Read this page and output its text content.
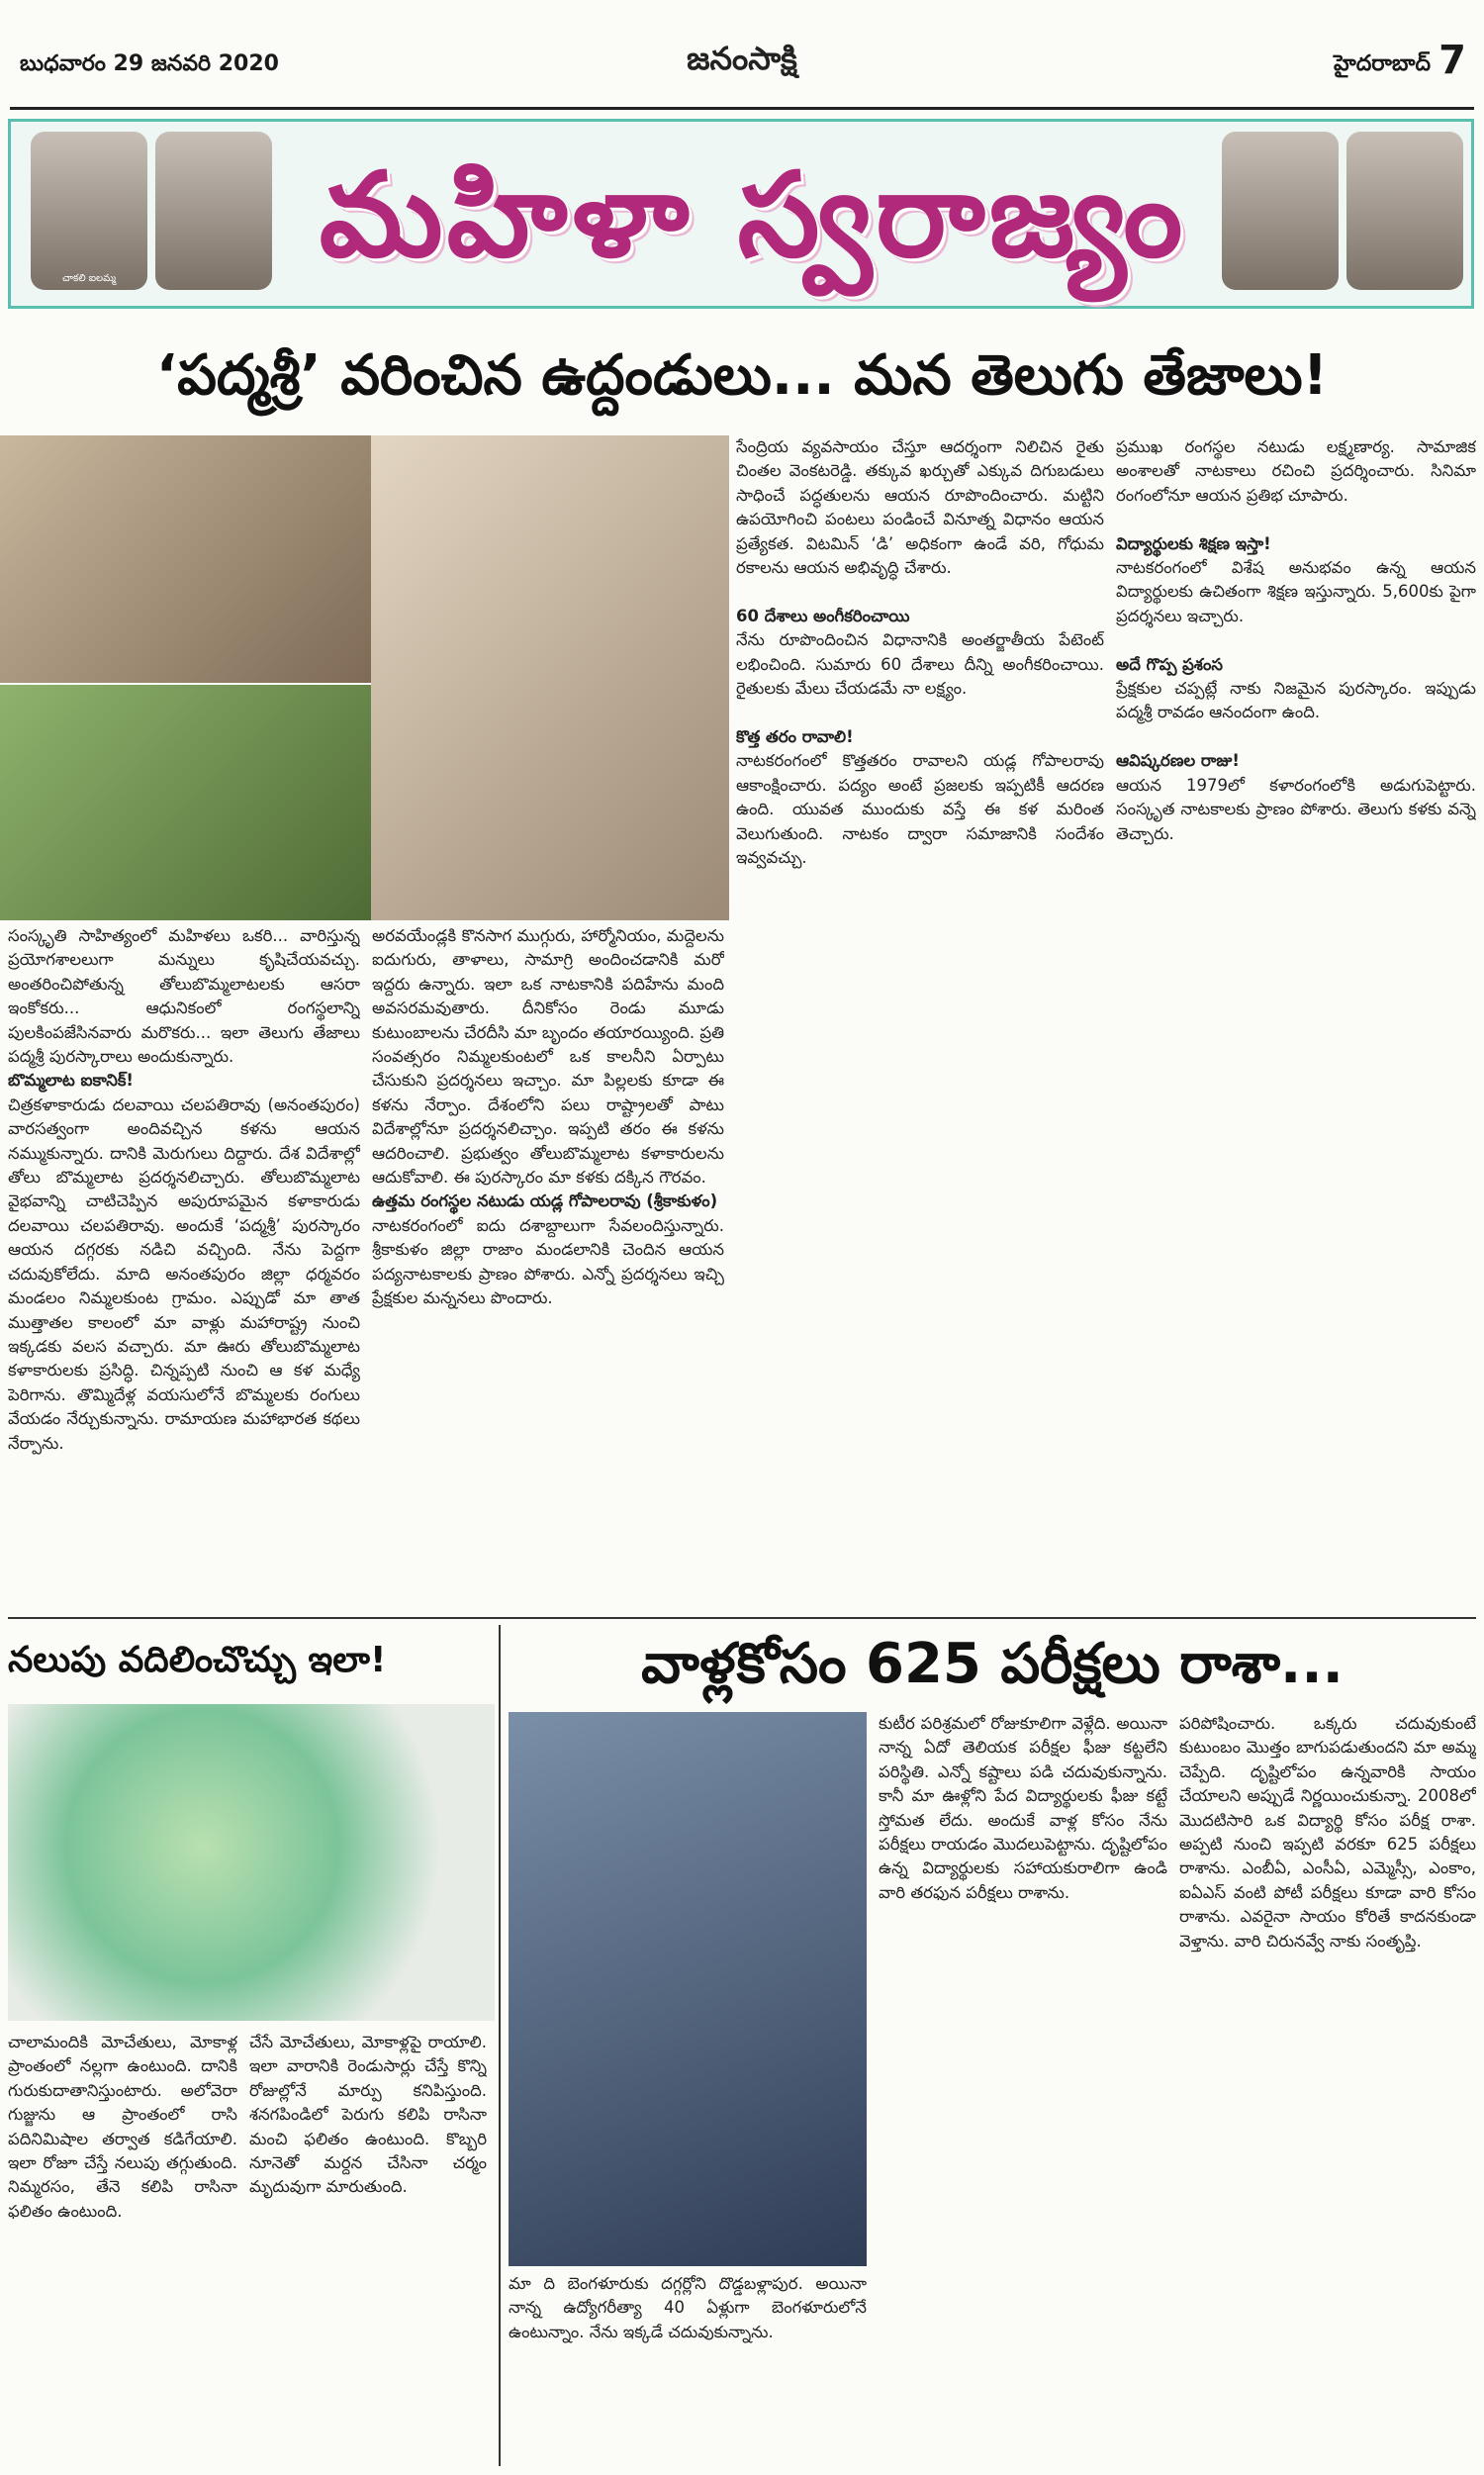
బుధవారం 29 జనవరి 2020	జనంసాక్షి	హైదరాబాద్ 7
చాకలి ఐలమ్మ	మహిళా స్వరాజ్యం
‘పద్మశ్రీ’ వరించిన ఉద్దండులు... మన తెలుగు తేజాలు!
సంస్కృతి సాహిత్యంలో మహిళలు ఒకరి... వారిస్తున్న ప్రయోగశాలలుగా మన్నులు కృషిచేయవచ్చు. అంతరించిపోతున్న తోలుబొమ్మలాటలకు ఆసరా ఇంకోకరు... ఆధునికంలో రంగస్థలాన్ని పులకింపజేసినవారు మరొకరు... ఇలా తెలుగు తేజాలు పద్మశ్రీ పురస్కారాలు అందుకున్నారు.
బొమ్మలాట ఐకానిక్!
చిత్రకళాకారుడు దలవాయి చలపతిరావు (అనంతపురం) వారసత్వంగా అందివచ్చిన కళను ఆయన నమ్ముకున్నారు. దానికి మెరుగులు దిద్దారు. దేశ విదేశాల్లో తోలు బొమ్మలాట ప్రదర్శనలిచ్చారు. తోలుబొమ్మలాట వైభవాన్ని చాటిచెప్పిన అపురూపమైన కళాకారుడు దలవాయి చలపతిరావు. అందుకే ‘పద్మశ్రీ’ పురస్కారం ఆయన దగ్గరకు నడిచి వచ్చింది. నేను పెద్దగా చదువుకోలేదు. మాది అనంతపురం జిల్లా ధర్మవరం మండలం నిమ్మలకుంట గ్రామం. ఎప్పుడో మా తాత ముత్తాతల కాలంలో మా వాళ్లు మహారాష్ట్ర నుంచి ఇక్కడకు వలస వచ్చారు. మా ఊరు తోలుబొమ్మలాట కళాకారులకు ప్రసిద్ధి. చిన్నప్పటి నుంచి ఆ కళ మధ్యే పెరిగాను. తొమ్మిదేళ్ల వయసులోనే బొమ్మలకు రంగులు వేయడం నేర్చుకున్నాను. రామాయణ మహాభారత కథలు నేర్పాను.
అరవయేండ్లకి కొనసాగ ముగ్గురు, హార్మోనియం, మద్దెలను ఐదుగురు, తాళాలు, సామాగ్రి అందించడానికి మరో ఇద్దరు ఉన్నారు. ఇలా ఒక నాటకానికి పదిహేను మంది అవసరమవుతారు. దీనికోసం రెండు మూడు కుటుంబాలను చేరదీసి మా బృందం తయారయ్యింది. ప్రతి సంవత్సరం నిమ్మలకుంటలో ఒక కాలనీని ఏర్పాటు చేసుకుని ప్రదర్శనలు ఇచ్చాం. మా పిల్లలకు కూడా ఈ కళను నేర్పాం. దేశంలోని పలు రాష్ట్రాలతో పాటు విదేశాల్లోనూ ప్రదర్శనలిచ్చాం. ఇప్పటి తరం ఈ కళను ఆదరించాలి. ప్రభుత్వం తోలుబొమ్మలాట కళాకారులను ఆదుకోవాలి. ఈ పురస్కారం మా కళకు దక్కిన గౌరవం.
ఉత్తమ రంగస్థల నటుడు యడ్ల గోపాలరావు (శ్రీకాకుళం)
నాటకరంగంలో ఐదు దశాబ్దాలుగా సేవలందిస్తున్నారు. శ్రీకాకుళం జిల్లా రాజాం మండలానికి చెందిన ఆయన పద్యనాటకాలకు ప్రాణం పోశారు. ఎన్నో ప్రదర్శనలు ఇచ్చి ప్రేక్షకుల మన్ననలు పొందారు.
సేంద్రియ వ్యవసాయం చేస్తూ ఆదర్శంగా నిలిచిన రైతు చింతల వెంకటరెడ్డి. తక్కువ ఖర్చుతో ఎక్కువ దిగుబడులు సాధించే పద్ధతులను ఆయన రూపొందించారు. మట్టిని ఉపయోగించి పంటలు పండించే వినూత్న విధానం ఆయన ప్రత్యేకత. విటమిన్ ‘డి’ అధికంగా ఉండే వరి, గోధుమ రకాలను ఆయన అభివృద్ధి చేశారు.

60 దేశాలు అంగీకరించాయి
నేను రూపొందించిన విధానానికి అంతర్జాతీయ పేటెంట్ లభించింది. సుమారు 60 దేశాలు దీన్ని అంగీకరించాయి. రైతులకు మేలు చేయడమే నా లక్ష్యం.

కొత్త తరం రావాలి!
నాటకరంగంలో కొత్తతరం రావాలని యడ్ల గోపాలరావు ఆకాంక్షించారు. పద్యం అంటే ప్రజలకు ఇప్పటికీ ఆదరణ ఉంది. యువత ముందుకు వస్తే ఈ కళ మరింత వెలుగుతుంది. నాటకం ద్వారా సమాజానికి సందేశం ఇవ్వవచ్చు.
ప్రముఖ రంగస్థల నటుడు లక్ష్మణార్య. సామాజిక అంశాలతో నాటకాలు రచించి ప్రదర్శించారు. సినిమా రంగంలోనూ ఆయన ప్రతిభ చూపారు.

విద్యార్థులకు శిక్షణ ఇస్తా!
నాటకరంగంలో విశేష అనుభవం ఉన్న ఆయన విద్యార్థులకు ఉచితంగా శిక్షణ ఇస్తున్నారు. 5,600కు పైగా ప్రదర్శనలు ఇచ్చారు.

అదే గొప్ప ప్రశంస
ప్రేక్షకుల చప్పట్లే నాకు నిజమైన పురస్కారం. ఇప్పుడు పద్మశ్రీ రావడం ఆనందంగా ఉంది.

ఆవిష్కరణల రాజు!
ఆయన 1979లో కళారంగంలోకి అడుగుపెట్టారు. సంస్కృత నాటకాలకు ప్రాణం పోశారు. తెలుగు కళకు వన్నె తెచ్చారు.
నలుపు వదిలించొచ్చు ఇలా!
చాలామందికి మోచేతులు, మోకాళ్ల ప్రాంతంలో నల్లగా ఉంటుంది. దానికి గురుకుదాతానిస్తుంటారు. అలోవెరా గుజ్జును ఆ ప్రాంతంలో రాసి పదినిమిషాల తర్వాత కడిగేయాలి. ఇలా రోజూ చేస్తే నలుపు తగ్గుతుంది. నిమ్మరసం, తేనె కలిపి రాసినా ఫలితం ఉంటుంది.
చేసే మోచేతులు, మోకాళ్లపై రాయాలి. ఇలా వారానికి రెండుసార్లు చేస్తే కొన్ని రోజుల్లోనే మార్పు కనిపిస్తుంది. శనగపిండిలో పెరుగు కలిపి రాసినా మంచి ఫలితం ఉంటుంది. కొబ్బరి నూనెతో మర్దన చేసినా చర్మం మృదువుగా మారుతుంది.
వాళ్లకోసం 625 పరీక్షలు రాశా...
మా ది బెంగళూరుకు దగ్గర్లోని దొడ్డబళ్లాపుర. అయినా నాన్న ఉద్యోగరీత్యా 40 ఏళ్లుగా బెంగళూరులోనే ఉంటున్నాం. నేను ఇక్కడే చదువుకున్నాను.
కుటీర పరిశ్రమలో రోజుకూలిగా వెళ్లేది. అయినా నాన్న ఏదో తెలియక పరీక్షల ఫీజు కట్టలేని పరిస్థితి. ఎన్నో కష్టాలు పడి చదువుకున్నాను. కానీ మా ఊళ్లోని పేద విద్యార్థులకు ఫీజు కట్టే స్తోమత లేదు. అందుకే వాళ్ల కోసం నేను పరీక్షలు రాయడం మొదలుపెట్టాను. దృష్టిలోపం ఉన్న విద్యార్థులకు సహాయకురాలిగా ఉండి వారి తరఫున పరీక్షలు రాశాను.
పరిపోషించారు. ఒక్కరు చదువుకుంటే కుటుంబం మొత్తం బాగుపడుతుందని మా అమ్మ చెప్పేది. దృష్టిలోపం ఉన్నవారికి సాయం చేయాలని అప్పుడే నిర్ణయించుకున్నా. 2008లో మొదటిసారి ఒక విద్యార్థి కోసం పరీక్ష రాశా. అప్పటి నుంచి ఇప్పటి వరకూ 625 పరీక్షలు రాశాను. ఎంబీఏ, ఎంసీఏ, ఎమ్మెస్సీ, ఎంకాం, ఐఏఎస్ వంటి పోటీ పరీక్షలు కూడా వారి కోసం రాశాను. ఎవరైనా సాయం కోరితే కాదనకుండా వెళ్తాను. వారి చిరునవ్వే నాకు సంతృప్తి.
